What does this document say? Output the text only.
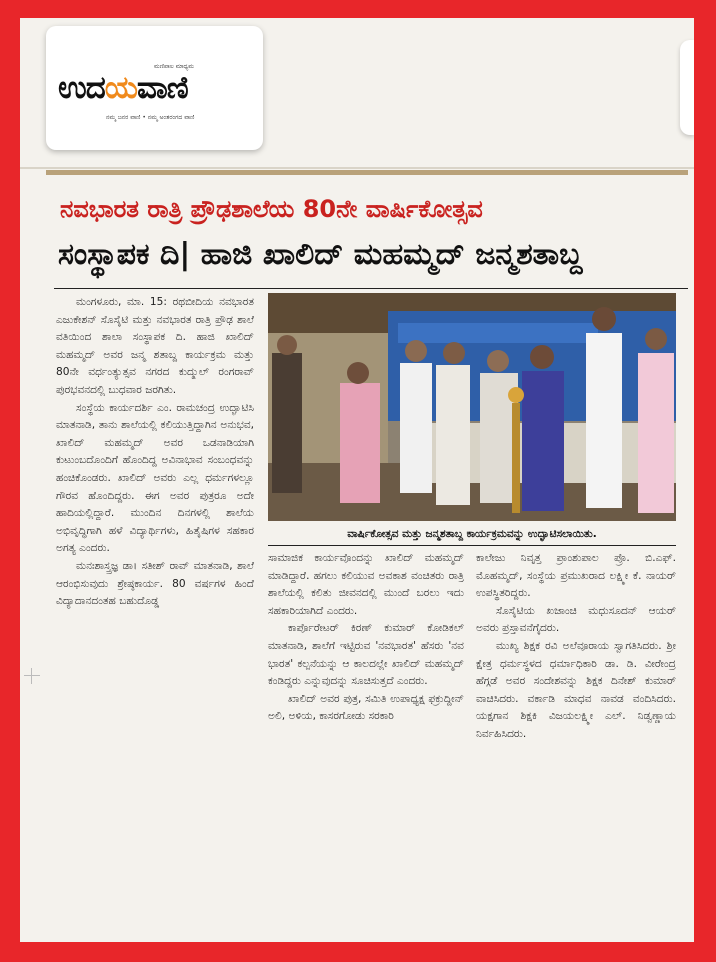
ಮಣಿಪಾಲ ಮಾಧ್ಯಮ
ಉದಯವಾಣಿ
ನಮ್ಮ ಜನರ ವಾಣಿ • ನಮ್ಮ ಅಂತರಂಗದ ವಾಣಿ
ನವಭಾರತ ರಾತ್ರಿ ಪ್ರೌಢಶಾಲೆಯ 80ನೇ ವಾರ್ಷಿಕೋತ್ಸವ
ಸಂಸ್ಥಾಪಕ ದಿ| ಹಾಜಿ ಖಾಲಿದ್ ಮಹಮ್ಮದ್ ಜನ್ಮಶತಾಬ್ದ

ಮಂಗಳೂರು, ಮಾ. 15: ರಥಬೀದಿಯ ನವಭಾರತ ಎಜುಕೇಶನ್ ಸೊಸೈಟಿ ಮತ್ತು ನವಭಾರತ ರಾತ್ರಿ ಪ್ರೌಢ ಶಾಲೆ ವತಿಯಿಂದ ಶಾಲಾ ಸಂಸ್ಥಾಪಕ ದಿ. ಹಾಜಿ ಖಾಲಿದ್ ಮಹಮ್ಮದ್ ಅವರ ಜನ್ಮ ಶತಾಬ್ದ ಕಾರ್ಯಕ್ರಮ ಮತ್ತು 80ನೇ ವರ್ಧಂತ್ಯುತ್ಸವ ನಗರದ ಕುದ್ಮುಲ್ ರಂಗರಾವ್ ಪುರಭವನದಲ್ಲಿ ಬುಧವಾರ ಜರಗಿತು.

ಸಂಸ್ಥೆಯ ಕಾರ್ಯದರ್ಶಿ ಎಂ. ರಾಮಚಂದ್ರ ಉದ್ಘಾಟಿಸಿ ಮಾತನಾಡಿ, ತಾನು ಶಾಲೆಯಲ್ಲಿ ಕಲಿಯುತ್ತಿದ್ದಾಗಿನ ಅನುಭವ, ಖಾಲಿದ್ ಮಹಮ್ಮದ್ ಅವರ ಒಡನಾಡಿಯಾಗಿ ಕುಟುಂಬದೊಂದಿಗೆ ಹೊಂದಿದ್ದ ಅವಿನಾಭಾವ ಸಂಬಂಧವನ್ನು ಹಂಚಿಕೊಂಡರು. ಖಾಲಿದ್ ಅವರು ಎಲ್ಲ ಧರ್ಮಗಳಲ್ಲೂ ಗೌರವ ಹೊಂದಿದ್ದರು. ಈಗ ಅವರ ಪುತ್ರರೂ ಅದೇ ಹಾದಿಯಲ್ಲಿದ್ದಾರೆ. ಮುಂದಿನ ದಿನಗಳಲ್ಲಿ ಶಾಲೆಯ ಅಭಿವೃದ್ಧಿಗಾಗಿ ಹಳೆ ವಿದ್ಯಾರ್ಥಿಗಳು, ಹಿತೈಷಿಗಳ ಸಹಕಾರ ಅಗತ್ಯ ಎಂದರು.

ಮನಃಶಾಸ್ತ್ರಜ್ಞ ಡಾ। ಸತೀಶ್ ರಾವ್ ಮಾತನಾಡಿ, ಶಾಲೆ ಆರಂಭಿಸುವುದು ಶ್ರೇಷ್ಠಕಾರ್ಯ. 80 ವರ್ಷಗಳ ಹಿಂದೆ ವಿದ್ಯಾದಾನದಂತಹ ಬಹುದೊಡ್ಡ

ವಾರ್ಷಿಕೋತ್ಸವ ಮತ್ತು ಜನ್ಮಶತಾಬ್ದ ಕಾರ್ಯಕ್ರಮವನ್ನು ಉದ್ಘಾಟಿಸಲಾಯಿತು.

ಸಾಮಾಜಿಕ ಕಾರ್ಯವೊಂದನ್ನು ಖಾಲಿದ್ ಮಹಮ್ಮದ್ ಮಾಡಿದ್ದಾರೆ. ಹಗಲು ಕಲಿಯುವ ಅವಕಾಶ ವಂಚಿತರು ರಾತ್ರಿ ಶಾಲೆಯಲ್ಲಿ ಕಲಿತು ಜೀವನದಲ್ಲಿ ಮುಂದೆ ಬರಲು ಇದು ಸಹಕಾರಿಯಾಗಿದೆ ಎಂದರು.

ಕಾರ್ಪೊರೇಟರ್ ಕಿರಣ್ ಕುಮಾರ್ ಕೋಡಿಕಲ್ ಮಾತನಾಡಿ, ಶಾಲೆಗೆ ಇಟ್ಟಿರುವ 'ನವಭಾರತ' ಹೆಸರು 'ನವ ಭಾರತ' ಕಲ್ಪನೆಯನ್ನು ಆ ಕಾಲದಲ್ಲೇ ಖಾಲಿದ್ ಮಹಮ್ಮದ್ ಕಂಡಿದ್ದರು ಎನ್ನುವುದನ್ನು ಸೂಚಿಸುತ್ತದೆ ಎಂದರು.

ಖಾಲಿದ್ ಅವರ ಪುತ್ರ, ಸಮಿತಿ ಉಪಾಧ್ಯಕ್ಷ ಫಕ್ರುದ್ದೀನ್ ಅಲಿ, ಅಳಿಯ, ಕಾಸರಗೋಡು ಸರಕಾರಿ

ಕಾಲೇಜು ನಿವೃತ್ತ ಪ್ರಾಂಶುಪಾಲ ಪ್ರೊ. ಬಿ.ಎಫ್. ಮೊಹಮ್ಮದ್, ಸಂಸ್ಥೆಯ ಪ್ರಮುಖರಾದ ಲಕ್ಷ್ಮೀ ಕೆ. ನಾಯರ್ ಉಪಸ್ಥಿತರಿದ್ದರು.

ಸೊಸೈಟಿಯ ಖಜಾಂಚಿ ಮಧುಸೂದನ್ ಆಯರ್ ಅವರು ಪ್ರಸ್ತಾವನೆಗೈದರು.

ಮುಖ್ಯ ಶಿಕ್ಷಕ ರವಿ ಅಲೆವೂರಾಯ ಸ್ವಾಗತಿಸಿದರು. ಶ್ರೀ ಕ್ಷೇತ್ರ ಧರ್ಮಸ್ಥಳದ ಧರ್ಮಾಧಿಕಾರಿ ಡಾ. ಡಿ. ವೀರೇಂದ್ರ ಹೆಗ್ಗಡೆ ಅವರ ಸಂದೇಶವನ್ನು ಶಿಕ್ಷಕ ದಿನೇಶ್ ಕುಮಾರ್ ವಾಚಿಸಿದರು. ವರ್ಕಾಡಿ ಮಾಧವ ನಾವಡ ವಂದಿಸಿದರು. ಯಕ್ಷಗಾನ ಶಿಕ್ಷಕಿ ವಿಜಯಲಕ್ಷ್ಮೀ ಎಲ್. ನಿಡ್ವಣ್ಣಾಯ ನಿರ್ವಹಿಸಿದರು.
